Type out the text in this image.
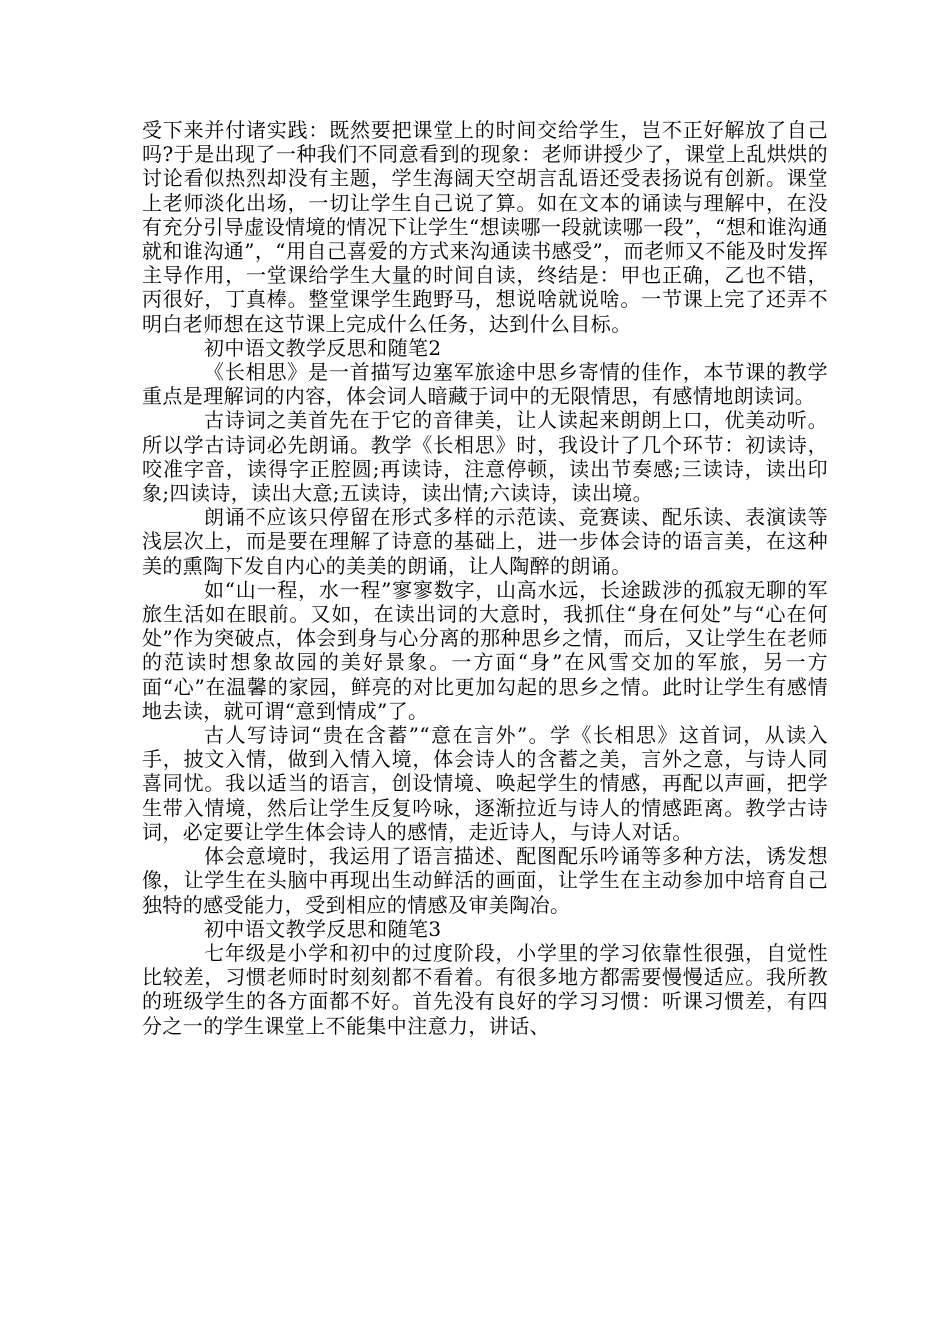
受下来并付诸实践：既然要把课堂上的时间交给学生，岂不正好解放了自己吗?于是出现了一种我们不同意看到的现象：老师讲授少了，课堂上乱烘烘的讨论看似热烈却没有主题，学生海阔天空胡言乱语还受表扬说有创新。课堂上老师淡化出场，一切让学生自己说了算。如在文本的诵读与理解中，在没有充分引导虚设情境的情况下让学生“想读哪一段就读哪一段”，“想和谁沟通就和谁沟通”，“用自己喜爱的方式来沟通读书感受”，而老师又不能及时发挥主导作用，一堂课给学生大量的时间自读，终结是：甲也正确，乙也不错，丙很好，丁真棒。整堂课学生跑野马，想说啥就说啥。一节课上完了还弄不明白老师想在这节课上完成什么任务，达到什么目标。

初中语文教学反思和随笔2

《长相思》是一首描写边塞军旅途中思乡寄情的佳作，本节课的教学重点是理解词的内容，体会词人暗藏于词中的无限情思，有感情地朗读词。

古诗词之美首先在于它的音律美，让人读起来朗朗上口，优美动听。所以学古诗词必先朗诵。教学《长相思》时，我设计了几个环节：初读诗，咬准字音，读得字正腔圆;再读诗，注意停顿，读出节奏感;三读诗，读出印象;四读诗，读出大意;五读诗，读出情;六读诗，读出境。

朗诵不应该只停留在形式多样的示范读、竞赛读、配乐读、表演读等浅层次上，而是要在理解了诗意的基础上，进一步体会诗的语言美，在这种美的熏陶下发自内心的美美的朗诵，让人陶醉的朗诵。

如“山一程，水一程”寥寥数字，山高水远，长途跋涉的孤寂无聊的军旅生活如在眼前。又如，在读出词的大意时，我抓住“身在何处”与“心在何处”作为突破点，体会到身与心分离的那种思乡之情，而后，又让学生在老师的范读时想象故园的美好景象。一方面“身”在风雪交加的军旅，另一方面“心”在温馨的家园，鲜亮的对比更加勾起的思乡之情。此时让学生有感情地去读，就可谓“意到情成”了。

古人写诗词“贵在含蓄”“意在言外”。学《长相思》这首词，从读入手，披文入情，做到入情入境，体会诗人的含蓄之美，言外之意，与诗人同喜同忧。我以适当的语言，创设情境、唤起学生的情感，再配以声画，把学生带入情境，然后让学生反复吟咏，逐渐拉近与诗人的情感距离。教学古诗词，必定要让学生体会诗人的感情，走近诗人，与诗人对话。

体会意境时，我运用了语言描述、配图配乐吟诵等多种方法，诱发想像，让学生在头脑中再现出生动鲜活的画面，让学生在主动参加中培育自己独特的感受能力，受到相应的情感及审美陶冶。

初中语文教学反思和随笔3

七年级是小学和初中的过度阶段，小学里的学习依靠性很强，自觉性比较差，习惯老师时时刻刻都不看着。有很多地方都需要慢慢适应。我所教的班级学生的各方面都不好。首先没有良好的学习习惯：听课习惯差，有四分之一的学生课堂上不能集中注意力，讲话、
